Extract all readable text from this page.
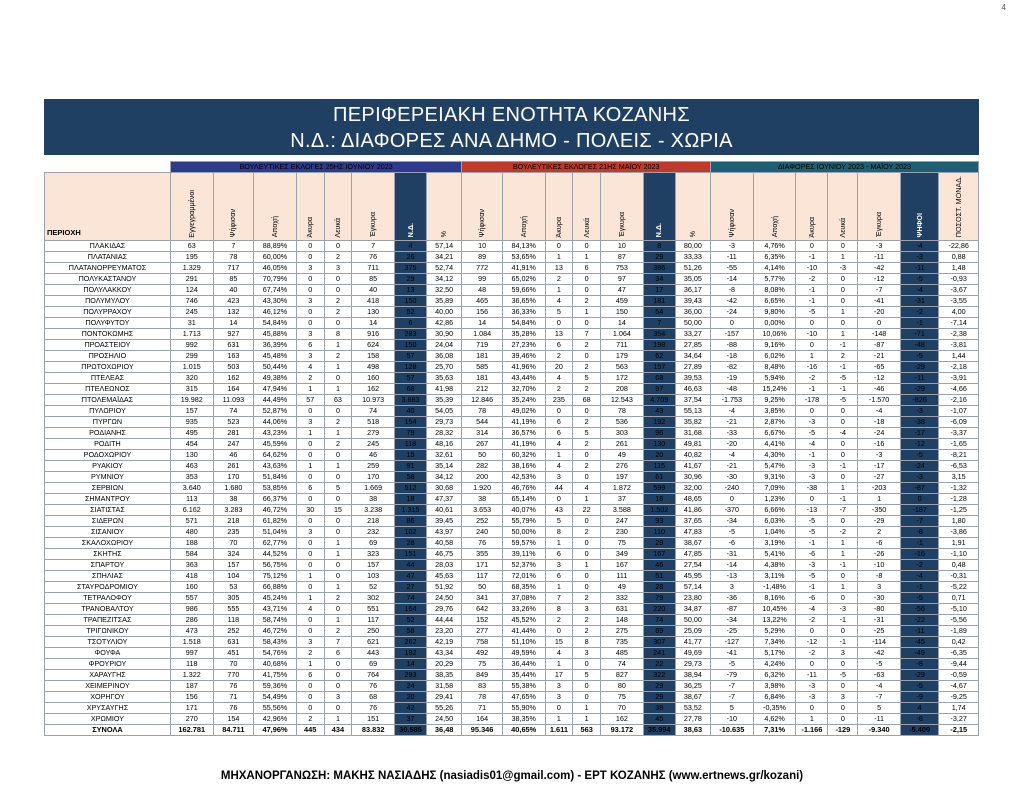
4
ΠΕΡΙΦΕΡΕΙΑΚΗ ΕΝΟΤΗΤΑ ΚΟΖΑΝΗΣ
Ν.Δ.: ΔΙΑΦΟΡΕΣ ΑΝΑ ΔΗΜΟ - ΠΟΛΕΙΣ - ΧΩΡΙΑ
	ΒΟΥΛΕΥΤΙΚΕΣ ΕΚΛΟΓΕΣ 25ΗΣ ΙΟΥΝΙΟΥ 2023								ΒΟΥΛΕΥΤΙΚΕΣ ΕΚΛΟΓΕΣ 21ΗΣ ΜΑΪΟΥ 2023							ΔΙΑΦΟΡΕΣ ΙΟΥΝΙΟΥ 2023 - ΜΑΪΟΥ 2023						
ΠΕΡΙΟΧΗ	Εγγεγραμμένοι	Ψήφισαν	Αποχή	Άκυρα	Λευκά	Έγκυρα	Ν.Δ.	%	Ψήφισαν	Αποχή	Άκυρα	Λευκά	Έγκυρα	Ν.Δ.	%	Ψήφισαν	Αποχή	Άκυρα	Λευκά	Έγκυρα	ΨΗΦΟΙ	ΠΟΣΟΣΤ. ΜΟΝΑΔ.
ΠΛΑΚΙΔΑΣ	63	7	88,89%	0	0	7	4	57,14	10	84,13%	0	0	10	8	80,00	-3	4,76%	0	0	-3	-4	-22,86
ΠΛΑΤΑΝΙΑΣ	195	78	60,00%	0	2	76	26	34,21	89	53,65%	1	1	87	29	33,33	-11	6,35%	-1	1	-11	-3	0,88
ΠΛΑΤΑΝΟΡΡΕΥΜΑΤΟΣ	1.329	717	46,05%	3	3	711	375	52,74	772	41,91%	13	6	753	386	51,26	-55	4,14%	-10	-3	-42	-11	1,48
ΠΟΛΥΚΑΣΤΑΝΟΥ	291	85	70,79%	0	0	85	29	34,12	99	65,02%	2	0	97	34	35,05	-14	5,77%	-2	0	-12	-5	-0,93
ΠΟΛΥΛΑΚΚΟΥ	124	40	67,74%	0	0	40	13	32,50	48	59,66%	1	0	47	17	36,17	-8	8,08%	-1	0	-7	-4	-3,67
ΠΟΛΥΜΥΛΟΥ	746	423	43,30%	3	2	418	150	35,89	465	36,65%	4	2	459	181	39,43	-42	6,65%	-1	0	-41	-31	-3,55
ΠΟΛΥΡΡΑΧΟΥ	245	132	46,12%	0	2	130	52	40,00	156	36,33%	5	1	150	54	36,00	-24	9,80%	-5	1	-20	-2	4,00
ΠΟΛΥΦΥΤΟΥ	31	14	54,84%	0	0	14	6	42,86	14	54,84%	0	0	14	7	50,00	0	0,00%	0	0	0	-1	-7,14
ΠΟΝΤΟΚΩΜΗΣ	1.713	927	45,88%	3	8	916	283	30,90	1.084	35,28%	13	7	1.064	354	33,27	-157	10,06%	-10	1	-148	-71	-2,38
ΠΡΟΑΣΤΕΙΟΥ	992	631	36,39%	6	1	624	150	24,04	719	27,23%	6	2	711	198	27,85	-88	9,16%	0	-1	-87	-48	-3,81
ΠΡΟΣΗΛΙΟ	299	163	45,48%	3	2	158	57	36,08	181	39,46%	2	0	179	62	34,64	-18	6,02%	1	2	-21	-5	1,44
ΠΡΩΤΟΧΩΡΙΟΥ	1.015	503	50,44%	4	1	498	128	25,70	585	41,96%	20	2	563	157	27,89	-82	8,48%	-16	-1	-65	-29	-2,18
ΠΤΕΛΕΑΣ	320	162	49,38%	2	0	160	57	35,63	181	43,44%	4	5	172	68	39,53	-19	5,94%	-2	-5	-12	-11	-3,91
ΠΤΕΛΕΩΝΟΣ	315	164	47,94%	1	1	162	68	41,98	212	32,70%	2	2	208	97	46,63	-48	15,24%	-1	-1	-46	-29	-4,66
ΠΤΟΛΕΜΑΪΔΑΣ	19.982	11.093	44,49%	57	63	10.973	3.883	35,39	12.846	35,24%	235	68	12.543	4.709	37,54	-1.753	9,25%	-178	-5	-1.570	-826	-2,16
ΠΥΛΩΡΙΟΥ	157	74	52,87%	0	0	74	40	54,05	78	49,02%	0	0	78	43	55,13	-4	3,85%	0	0	-4	-3	-1,07
ΠΥΡΓΩΝ	935	523	44,06%	3	2	518	154	29,73	544	41,19%	6	2	536	192	35,82	-21	2,87%	-3	0	-18	-38	-6,09
ΡΟΔΙΑΝΗΣ	495	281	43,23%	1	1	279	79	28,32	314	36,57%	6	5	303	96	31,68	-33	6,67%	-5	-4	-24	-17	-3,37
ΡΟΔΙΤΗ	454	247	45,59%	0	2	245	118	48,16	267	41,19%	4	2	261	130	49,81	-20	4,41%	-4	0	-16	-12	-1,65
ΡΟΔΟΧΩΡΙΟΥ	130	46	64,62%	0	0	46	15	32,61	50	60,32%	1	0	49	20	40,82	-4	4,30%	-1	0	-3	-5	-8,21
ΡΥΑΚΙΟΥ	463	261	43,63%	1	1	259	91	35,14	282	38,16%	4	2	276	115	41,67	-21	5,47%	-3	-1	-17	-24	-6,53
ΡΥΜΝΙΟΥ	353	170	51,84%	0	0	170	58	34,12	200	42,53%	3	0	197	61	30,96	-30	9,31%	-3	0	-27	-3	3,15
ΣΕΡΒΙΩΝ	3.640	1.680	53,85%	6	5	1.669	512	30,68	1.920	46,76%	44	4	1.872	599	32,00	-240	7,09%	-38	1	-203	-87	-1,32
ΣΗΜΑΝΤΡΟΥ	113	38	66,37%	0	0	38	18	47,37	38	65,14%	0	1	37	18	48,65	0	1,23%	0	-1	1	0	-1,28
ΣΙΑΤΙΣΤΑΣ	6.162	3.283	46,72%	30	15	3.238	1.315	40,61	3.653	40,07%	43	22	3.588	1.502	41,86	-370	6,66%	-13	-7	-350	-187	-1,25
ΣΙΔΕΡΩΝ	571	218	61,82%	0	0	218	86	39,45	252	55,79%	5	0	247	93	37,65	-34	6,03%	-5	0	-29	-7	1,80
ΣΙΣΑΝΙΟΥ	480	235	51,04%	3	0	232	102	43,97	240	50,00%	8	2	230	110	47,83	-5	1,04%	-5	-2	2	-8	-3,86
ΣΚΑΛΟΧΩΡΙΟΥ	188	70	62,77%	0	1	69	28	40,58	76	59,57%	1	0	75	29	38,67	-6	3,19%	-1	1	-6	-1	1,91
ΣΚΗΤΗΣ	584	324	44,52%	0	1	323	151	46,75	355	39,11%	6	0	349	167	47,85	-31	5,41%	-6	1	-26	-16	-1,10
ΣΠΑΡΤΟΥ	363	157	56,75%	0	0	157	44	28,03	171	52,37%	3	1	167	46	27,54	-14	4,38%	-3	-1	-10	-2	0,48
ΣΠΗΛΙΑΣ	418	104	75,12%	1	0	103	47	45,63	117	72,01%	6	0	111	51	45,95	-13	3,11%	-5	0	-8	-4	-0,31
ΣΤΑΥΡΟΔΡΟΜΙΟΥ	160	53	66,88%	0	1	52	27	51,92	50	68,35%	1	0	49	28	57,14	3	-1,48%	-1	1	3	-1	-5,22
ΤΕΤΡΑΛΟΦΟΥ	557	305	45,24%	1	2	302	74	24,50	341	37,08%	7	2	332	79	23,80	-36	8,16%	-6	0	-30	-5	0,71
ΤΡΑΝΟΒΑΛΤΟΥ	986	555	43,71%	4	0	551	164	29,76	642	33,26%	8	3	631	220	34,87	-87	10,45%	-4	-3	-80	-56	-5,10
ΤΡΑΠΕΖΙΤΣΑΣ	286	118	58,74%	0	1	117	52	44,44	152	45,52%	2	2	148	74	50,00	-34	13,22%	-2	-1	-31	-22	-5,56
ΤΡΙΓΩΝΙΚΟΥ	473	252	46,72%	0	2	250	58	23,20	277	41,44%	0	2	275	69	25,09	-25	5,29%	0	0	-25	-11	-1,89
ΤΣΟΤΥΛΙΟΥ	1.518	631	58,43%	3	7	621	262	42,19	758	51,10%	15	8	735	307	41,77	-127	7,34%	-12	-1	-114	-45	0,42
ΦΟΥΦΑ	997	451	54,76%	2	6	443	192	43,34	492	49,59%	4	3	485	241	49,69	-41	5,17%	-2	3	-42	-49	-6,35
ΦΡΟΥΡΙΟΥ	118	70	40,68%	1	0	69	14	20,29	75	36,44%	1	0	74	22	29,73	-5	4,24%	0	0	-5	-8	-9,44
ΧΑΡΑΥΓΗΣ	1.322	770	41,75%	6	0	764	293	38,35	849	35,44%	17	5	827	322	38,94	-79	6,32%	-11	-5	-63	-29	-0,59
ΧΕΙΜΕΡΙΝΟΥ	187	76	59,36%	0	0	76	24	31,58	83	55,38%	3	0	80	29	36,25	-7	3,98%	-3	0	-4	-5	-4,67
ΧΟΡΗΓΟΥ	156	71	54,49%	0	3	68	20	29,41	78	47,65%	3	0	75	29	38,67	-7	6,84%	-3	3	-7	-9	-9,25
ΧΡΥΣΑΥΓΗΣ	171	76	55,56%	0	0	76	42	55,26	71	55,90%	0	1	70	38	53,52	5	-0,35%	0	0	5	4	1,74
ΧΡΩΜΙΟΥ	270	154	42,96%	2	1	151	37	24,50	164	38,35%	1	1	162	45	27,78	-10	4,62%	1	0	-11	-8	-3,27
ΣΥΝΟΛΑ	162.781	84.711	47,96%	445	434	83.832	30.585	36,48	95.346	40,65%	1.611	563	93.172	35.994	38,63	-10.635	7,31%	-1.166	-129	-9.340	-5.409	-2,15
ΜΗΧΑΝΟΡΓΑΝΩΣΗ: ΜΑΚΗΣ ΝΑΣΙΑΔΗΣ (nasiadis01@gmail.com) - ΕΡΤ ΚΟΖΑΝΗΣ (www.ertnews.gr/kozani)
